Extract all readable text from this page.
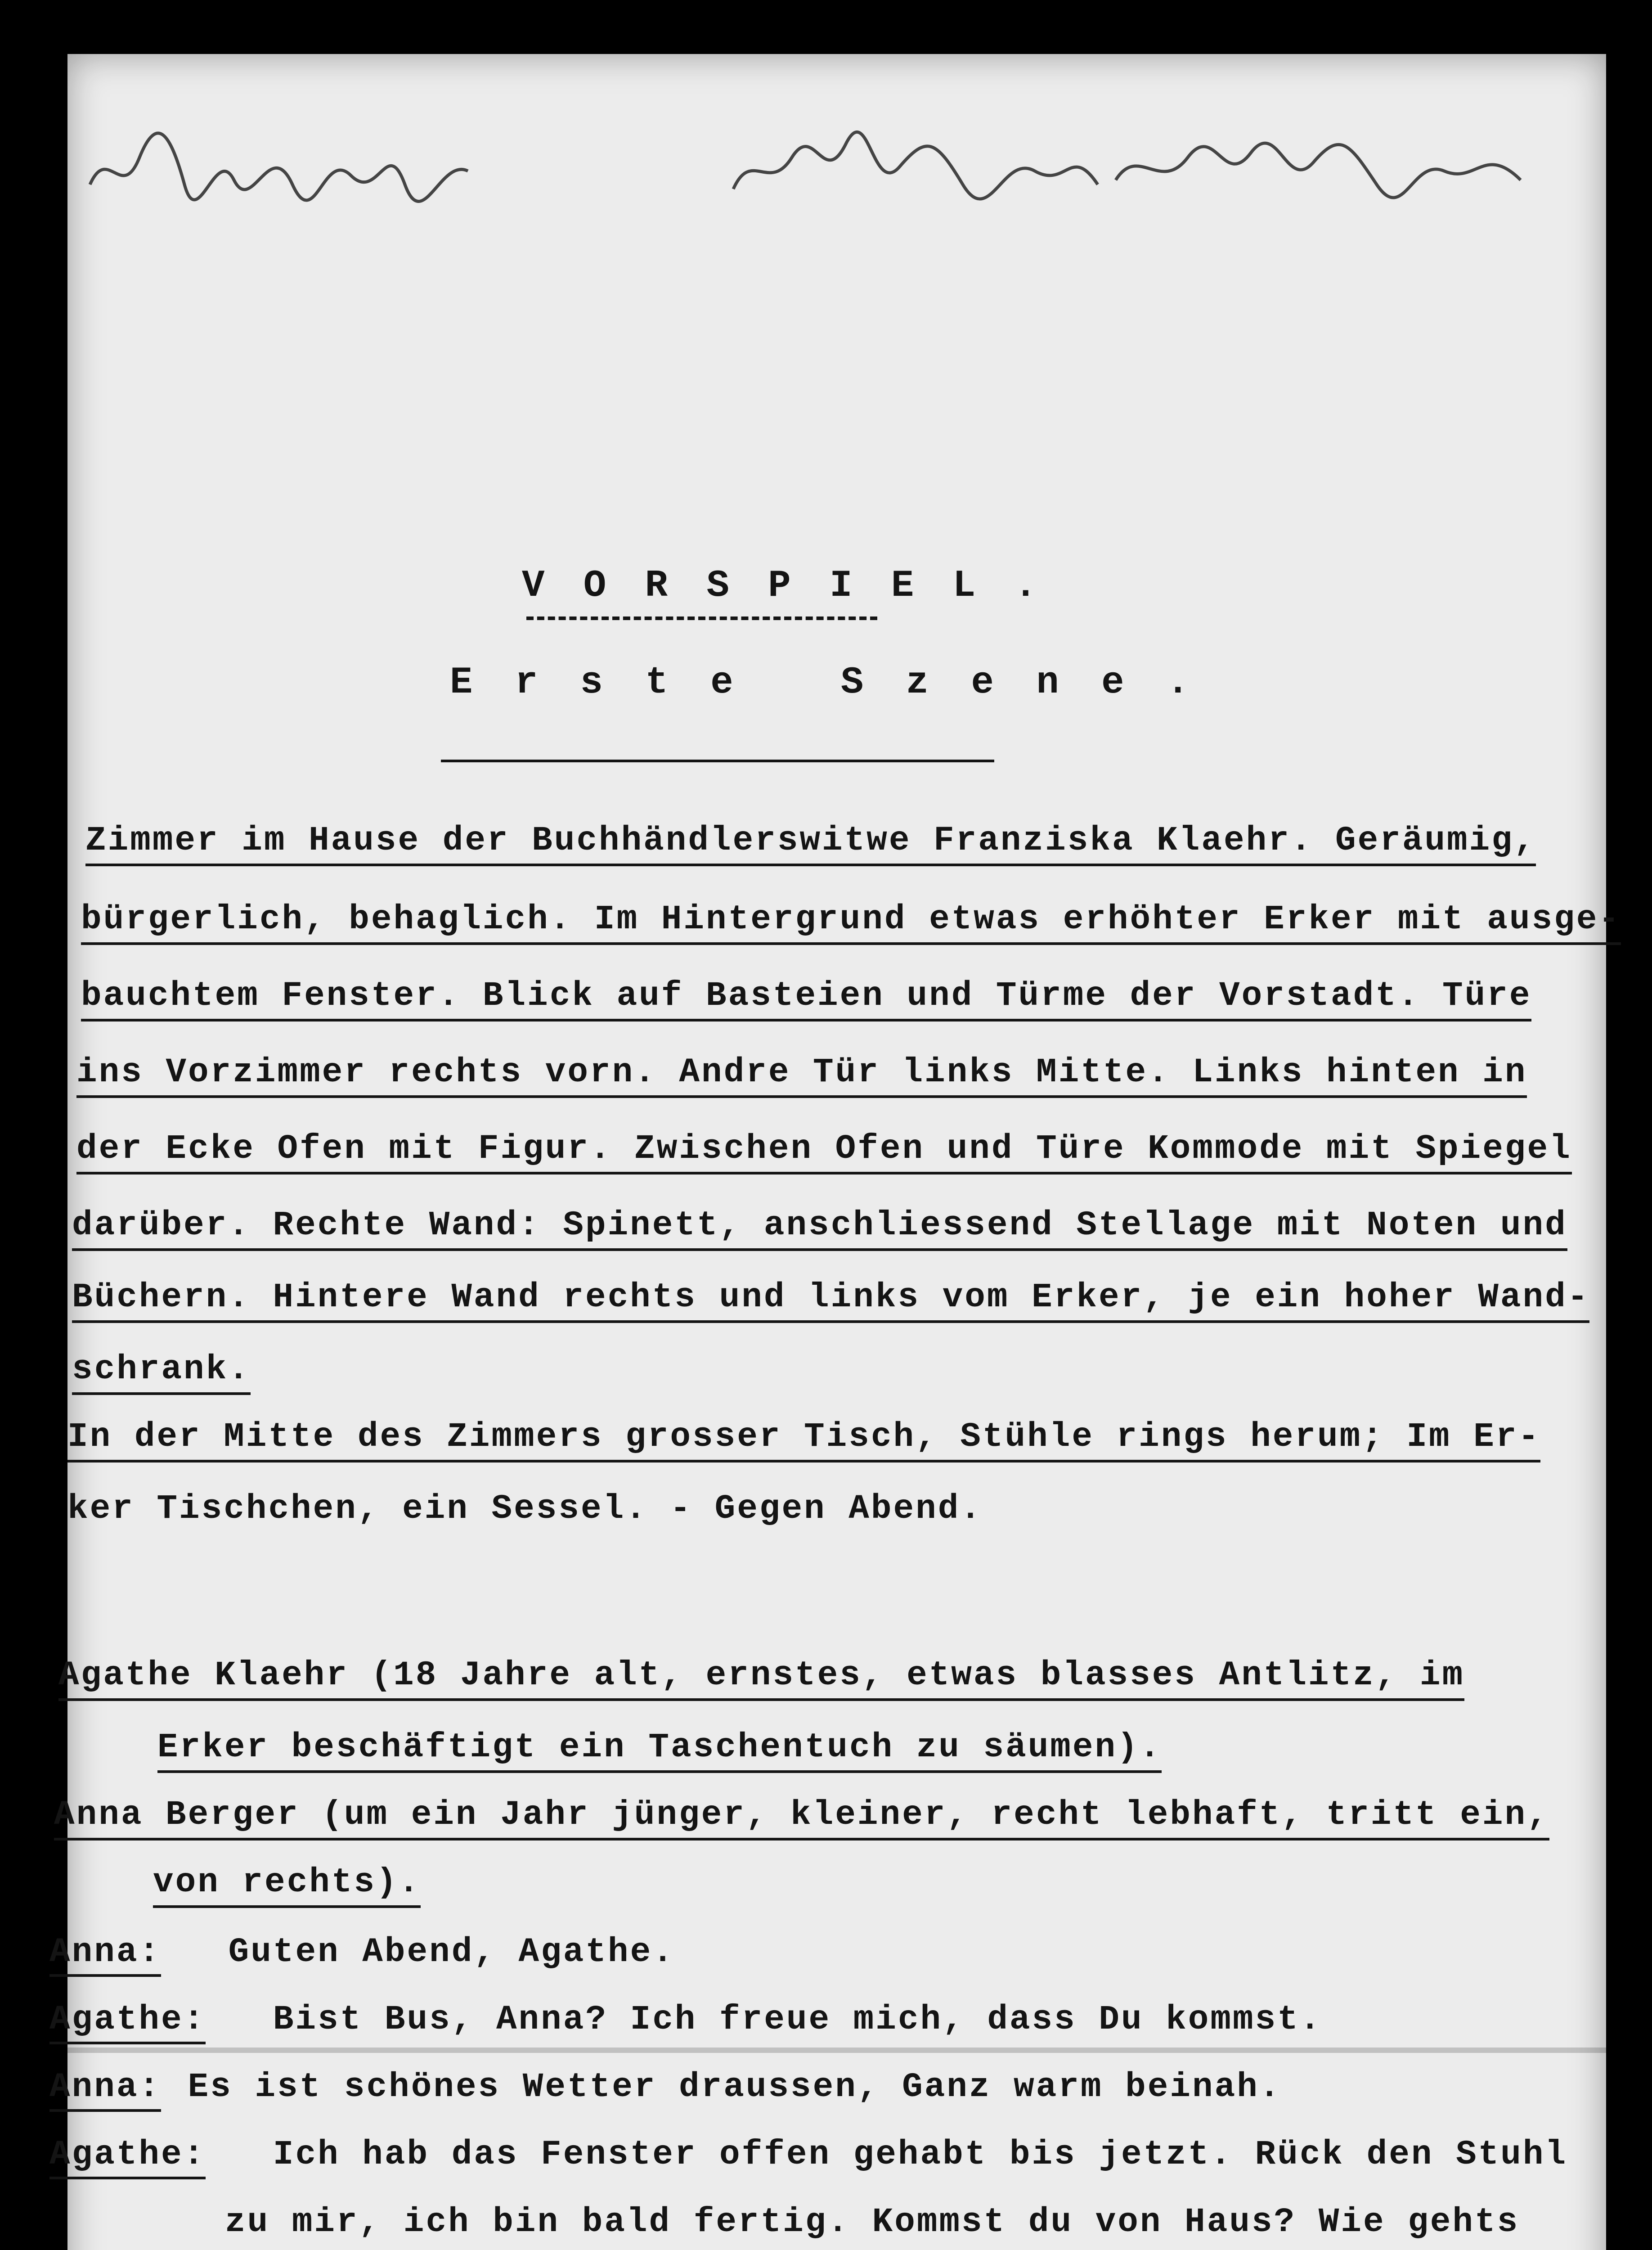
V O R S P I E L .
E r s t e   S z e n e .

Zimmer im Hause der Buchhändlerswitwe Franziska Klaehr. Geräumig,

bürgerlich, behaglich. Im Hintergrund etwas erhöhter Erker mit ausge-

bauchtem Fenster. Blick auf Basteien und Türme der Vorstadt. Türe

ins Vorzimmer rechts vorn. Andre Tür links Mitte. Links hinten in

der Ecke Ofen mit Figur. Zwischen Ofen und Türe Kommode mit Spiegel

darüber. Rechte Wand: Spinett, anschliessend Stellage mit Noten und

Büchern. Hintere Wand rechts und links vom Erker, je ein hoher Wand-

schrank.

In der Mitte des Zimmers grosser Tisch, Stühle rings herum; Im Er-

ker Tischchen, ein Sessel. - Gegen Abend.

Agathe Klaehr (18 Jahre alt, ernstes, etwas blasses Antlitz, im

Erker beschäftigt ein Taschentuch zu säumen).

Anna Berger (um ein Jahr jünger, kleiner, recht lebhaft, tritt ein,

von rechts).

Anna: Guten Abend, Agathe.
Agathe: Bist Bus, Anna? Ich freue mich, dass Du kommst.
Anna: Es ist schönes Wetter draussen, Ganz warm beinah.
Agathe: Ich hab das Fenster offen gehabt bis jetzt. Rück den Stuhl

zu mir, ich bin bald fertig. Kommst du von Haus? Wie gehts
